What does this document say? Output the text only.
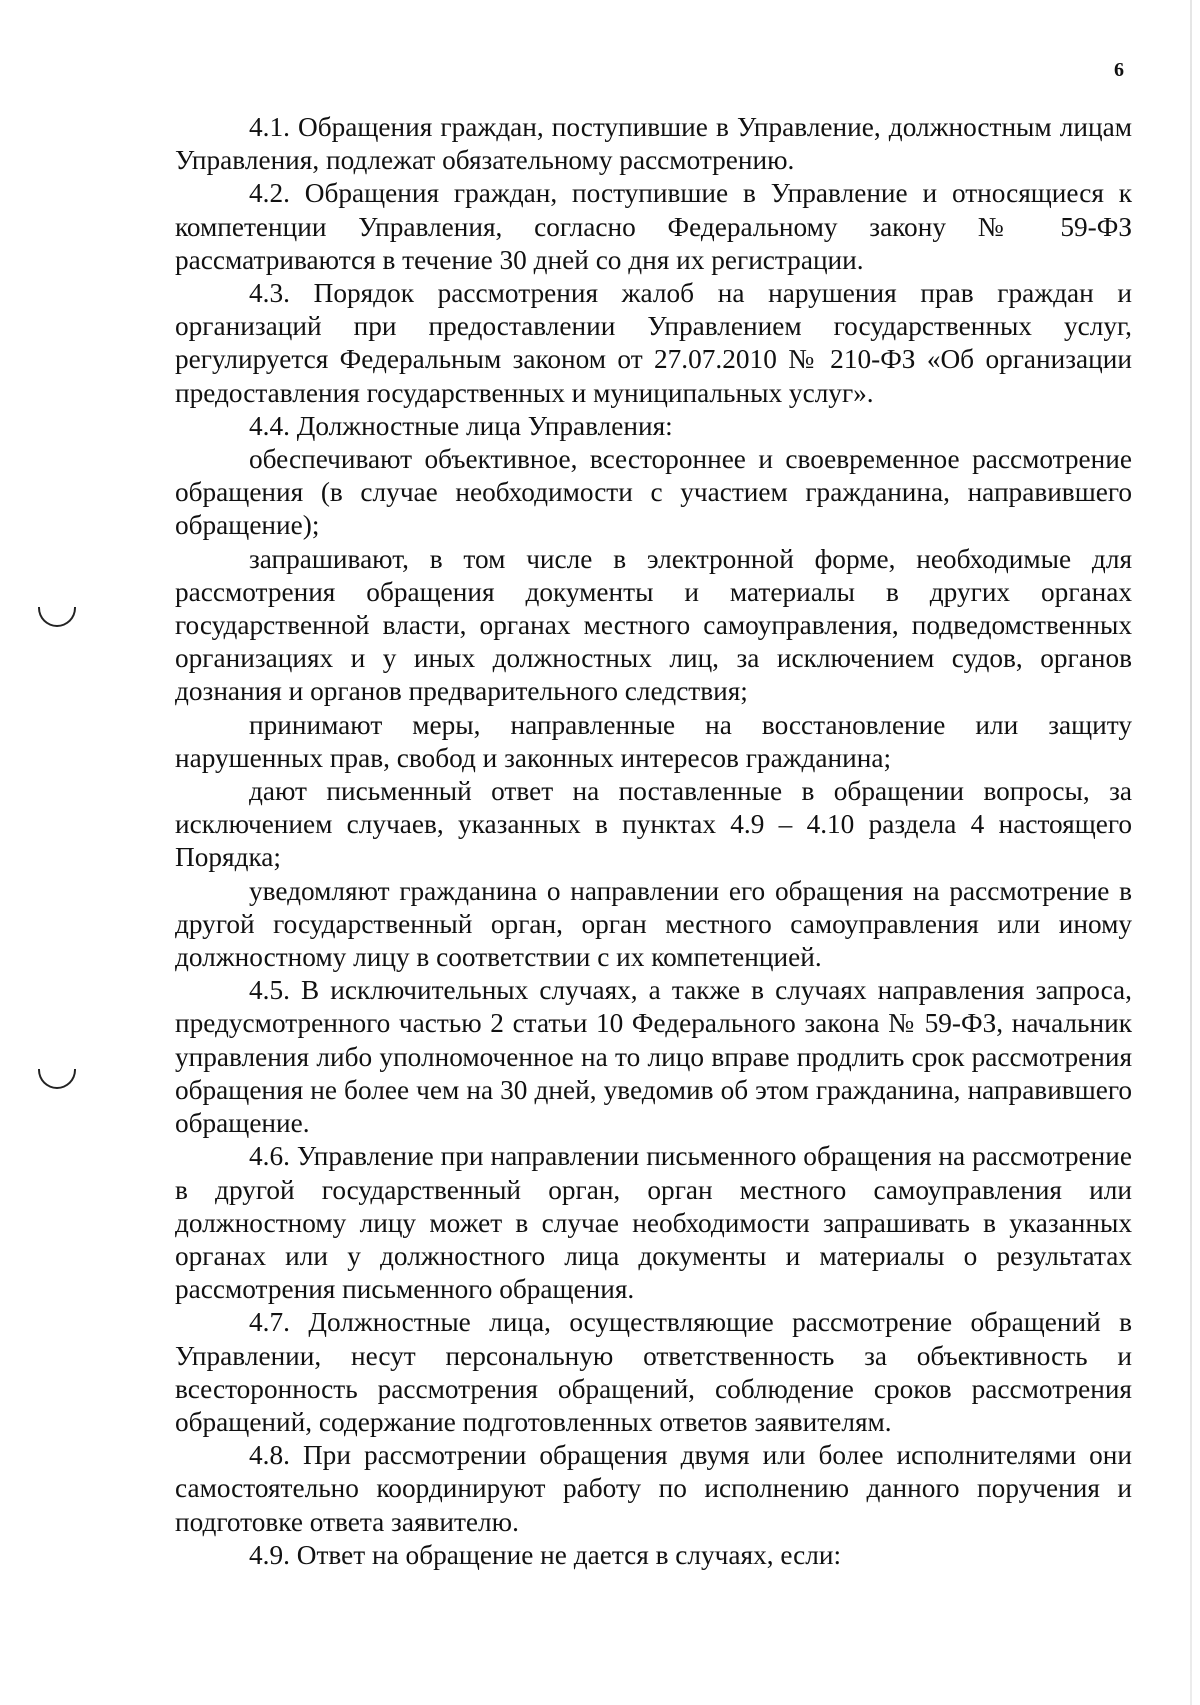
6

4.1. Обращения граждан, поступившие в Управление, должностным лицам Управления, подлежат обязательному рассмотрению.

4.2. Обращения граждан, поступившие в Управление и относящиеся к компетенции Управления, согласно Федеральному закону № 59-ФЗ рассматриваются в течение 30 дней со дня их регистрации.

4.3. Порядок рассмотрения жалоб на нарушения прав граждан и организаций при предоставлении Управлением государственных услуг, регулируется Федеральным законом от 27.07.2010 № 210-ФЗ «Об организации предоставления государственных и муниципальных услуг».

4.4. Должностные лица Управления:

обеспечивают объективное, всестороннее и своевременное рассмотрение обращения (в случае необходимости с участием гражданина, направившего обращение);

запрашивают, в том числе в электронной форме, необходимые для рассмотрения обращения документы и материалы в других органах государственной власти, органах местного самоуправления, подведомственных организациях и у иных должностных лиц, за исключением судов, органов дознания и органов предварительного следствия;

принимают меры, направленные на восстановление или защиту нарушенных прав, свобод и законных интересов гражданина;

дают письменный ответ на поставленные в обращении вопросы, за исключением случаев, указанных в пунктах 4.9 – 4.10 раздела 4 настоящего Порядка;

уведомляют гражданина о направлении его обращения на рассмотрение в другой государственный орган, орган местного самоуправления или иному должностному лицу в соответствии с их компетенцией.

4.5. В исключительных случаях, а также в случаях направления запроса, предусмотренного частью 2 статьи 10 Федерального закона № 59-ФЗ, начальник управления либо уполномоченное на то лицо вправе продлить срок рассмотрения обращения не более чем на 30 дней, уведомив об этом гражданина, направившего обращение.

4.6. Управление при направлении письменного обращения на рассмотрение в другой государственный орган, орган местного самоуправления или должностному лицу может в случае необходимости запрашивать в указанных органах или у должностного лица документы и материалы о результатах рассмотрения письменного обращения.

4.7. Должностные лица, осуществляющие рассмотрение обращений в Управлении, несут персональную ответственность за объективность и всесторонность рассмотрения обращений, соблюдение сроков рассмотрения обращений, содержание подготовленных ответов заявителям.

4.8. При рассмотрении обращения двумя или более исполнителями они самостоятельно координируют работу по исполнению данного поручения и подготовке ответа заявителю.

4.9. Ответ на обращение не дается в случаях, если:
